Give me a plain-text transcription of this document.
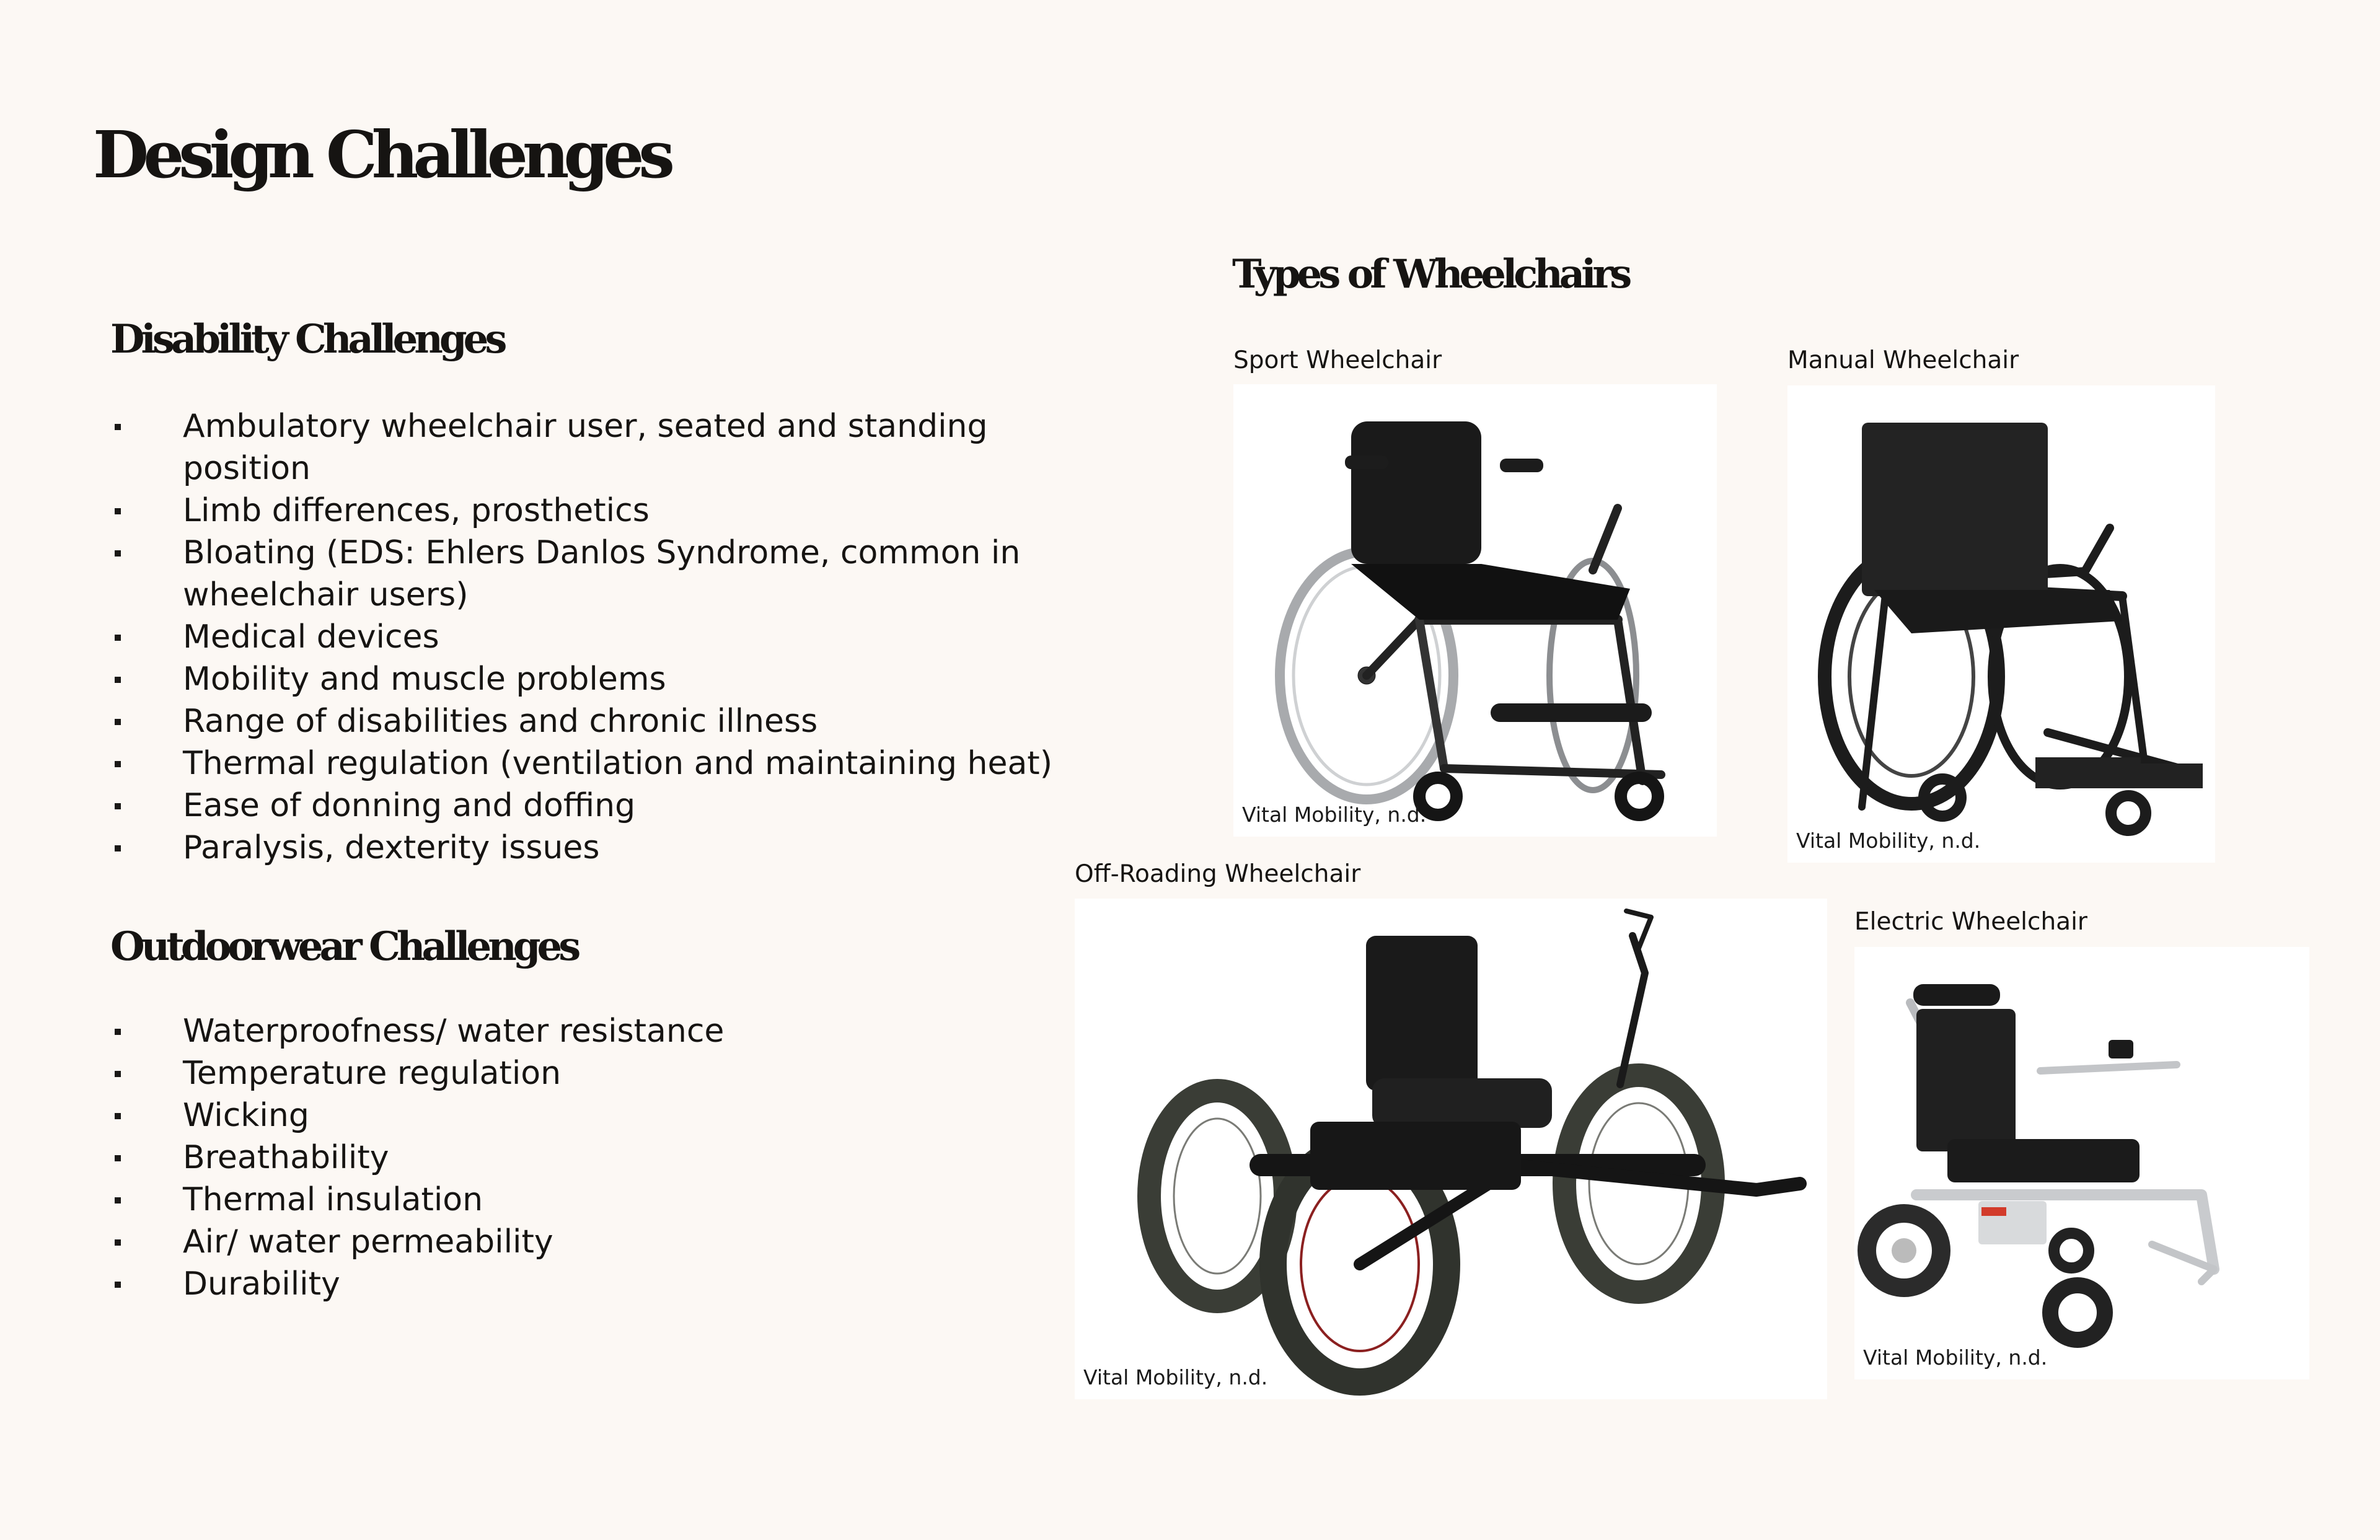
Design Challenges
Disability Challenges
Ambulatory wheelchair user, seated and standing position
Limb differences, prosthetics
Bloating (EDS: Ehlers Danlos Syndrome, common in wheelchair users)
Medical devices
Mobility and muscle problems
Range of disabilities and chronic illness
Thermal regulation (ventilation and maintaining heat)
Ease of donning and doffing
Paralysis, dexterity issues
Outdoorwear Challenges
Waterproofness/ water resistance
Temperature regulation
Wicking
Breathability
Thermal insulation
Air/ water permeability
Durability
Types of Wheelchairs
Sport Wheelchair
Vital Mobility, n.d.
Manual Wheelchair
Vital Mobility, n.d.
Off-Roading Wheelchair
Vital Mobility, n.d.
Electric Wheelchair
Vital Mobility, n.d.
